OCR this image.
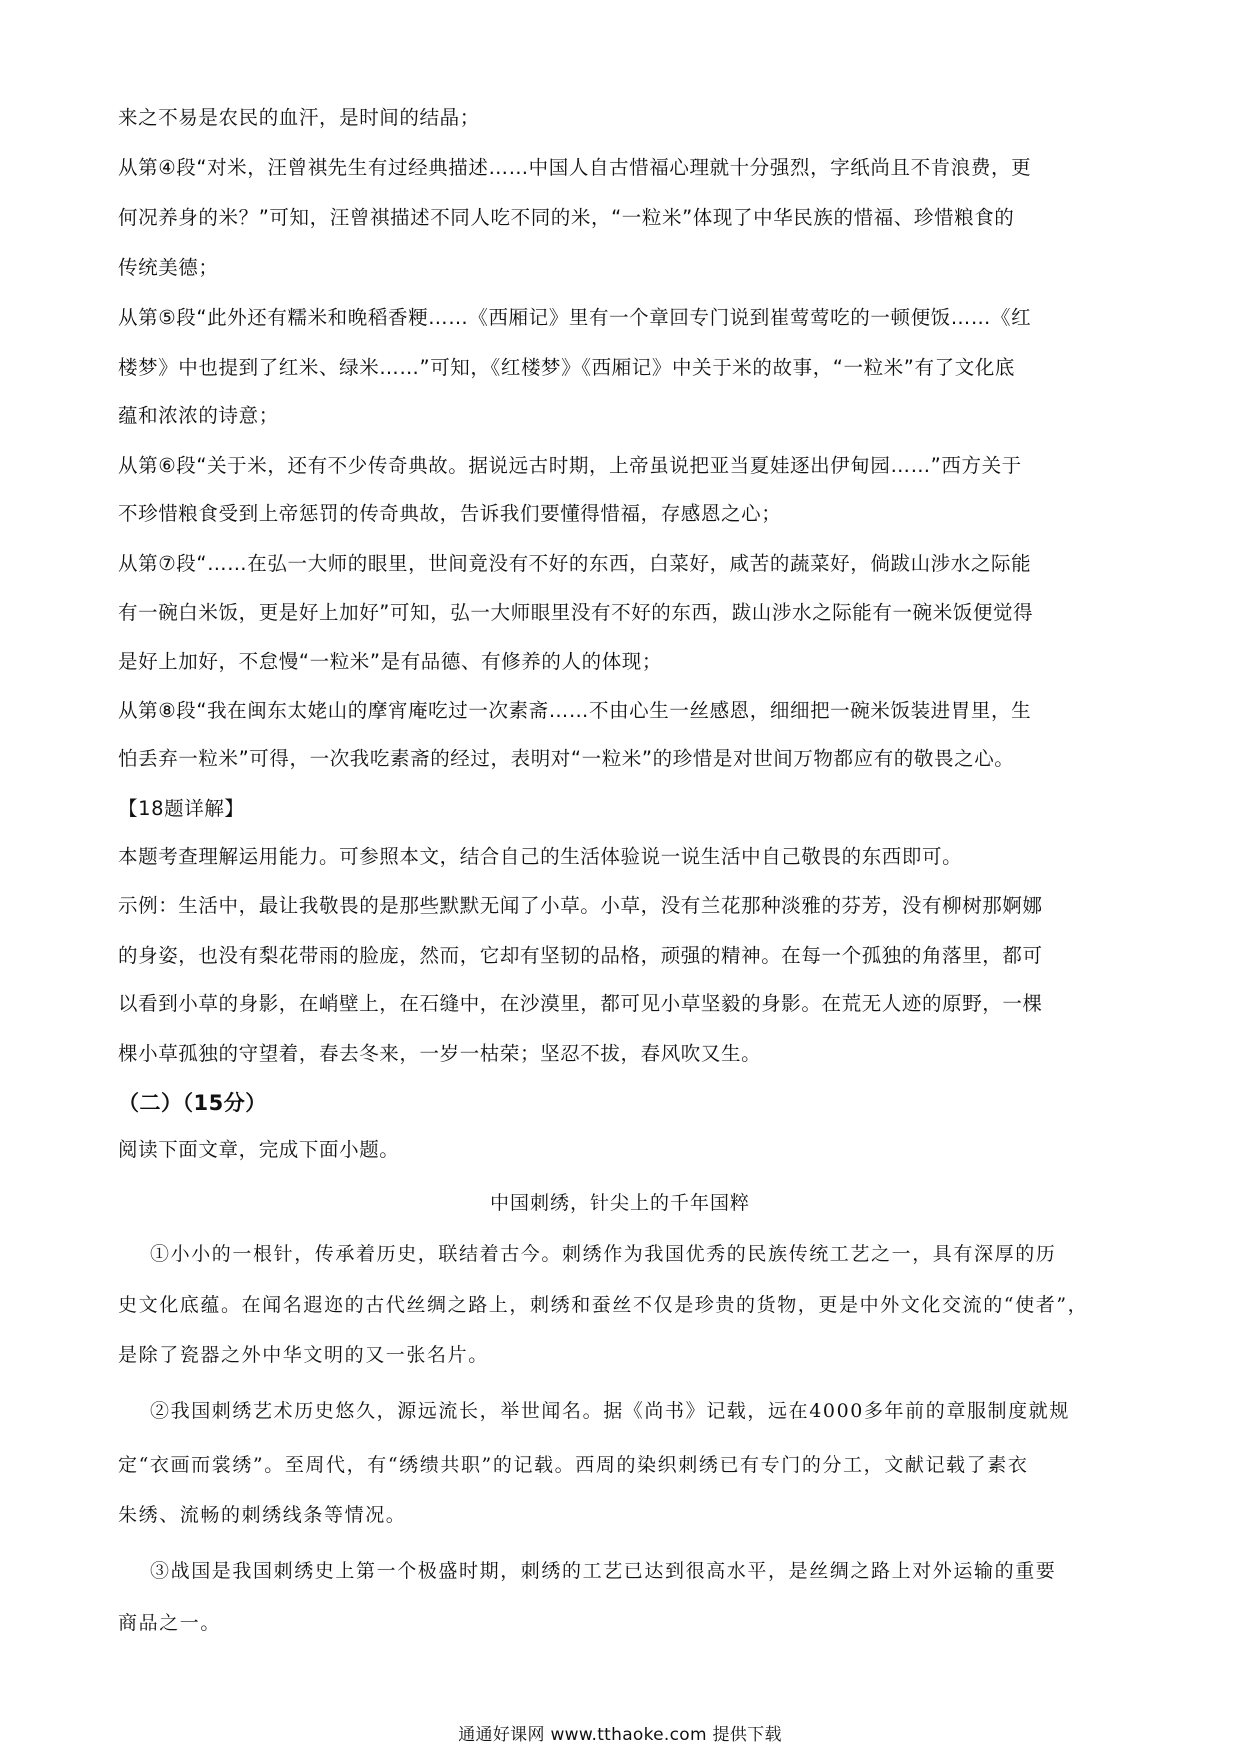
来之不易是农民的血汗，是时间的结晶；
从第④段“对米，汪曾祺先生有过经典描述……中国人自古惜福心理就十分强烈，字纸尚且不肯浪费，更
何况养身的米？”可知，汪曾祺描述不同人吃不同的米，“一粒米”体现了中华民族的惜福、珍惜粮食的
传统美德；
从第⑤段“此外还有糯米和晚稻香粳……《西厢记》里有一个章回专门说到崔莺莺吃的一顿便饭……《红
楼梦》中也提到了红米、绿米……”可知，《红楼梦》《西厢记》中关于米的故事，“一粒米”有了文化底
蕴和浓浓的诗意；
从第⑥段“关于米，还有不少传奇典故。据说远古时期，上帝虽说把亚当夏娃逐出伊甸园……”西方关于
不珍惜粮食受到上帝惩罚的传奇典故，告诉我们要懂得惜福，存感恩之心；
从第⑦段“……在弘一大师的眼里，世间竟没有不好的东西，白菜好，咸苦的蔬菜好，倘跋山涉水之际能
有一碗白米饭，更是好上加好”可知，弘一大师眼里没有不好的东西，跋山涉水之际能有一碗米饭便觉得
是好上加好，不怠慢“一粒米”是有品德、有修养的人的体现；
从第⑧段“我在闽东太姥山的摩宵庵吃过一次素斋……不由心生一丝感恩，细细把一碗米饭装进胃里，生
怕丢弃一粒米”可得，一次我吃素斋的经过，表明对“一粒米”的珍惜是对世间万物都应有的敬畏之心。
【18题详解】
本题考查理解运用能力。可参照本文，结合自己的生活体验说一说生活中自己敬畏的东西即可。
示例：生活中，最让我敬畏的是那些默默无闻了小草。小草，没有兰花那种淡雅的芬芳，没有柳树那婀娜
的身姿，也没有梨花带雨的脸庞，然而，它却有坚韧的品格，顽强的精神。在每一个孤独的角落里，都可
以看到小草的身影，在峭壁上，在石缝中，在沙漠里，都可见小草坚毅的身影。在荒无人迹的原野，一棵
棵小草孤独的守望着，春去冬来，一岁一枯荣；坚忍不拔，春风吹又生。
（二）（15分）
阅读下面文章，完成下面小题。
中国刺绣，针尖上的千年国粹
①小小的一根针，传承着历史，联结着古今。刺绣作为我国优秀的民族传统工艺之一，具有深厚的历
史文化底蕴。在闻名遐迩的古代丝绸之路上，刺绣和蚕丝不仅是珍贵的货物，更是中外文化交流的“使者”，
是除了瓷器之外中华文明的又一张名片。
②我国刺绣艺术历史悠久，源远流长，举世闻名。据《尚书》记载，远在4000多年前的章服制度就规
定“衣画而裳绣”。至周代，有“绣缋共职”的记载。西周的染织刺绣已有专门的分工，文献记载了素衣
朱绣、流畅的刺绣线条等情况。
③战国是我国刺绣史上第一个极盛时期，刺绣的工艺已达到很高水平，是丝绸之路上对外运输的重要
商品之一。
通通好课网 www.tthaoke.com 提供下载
